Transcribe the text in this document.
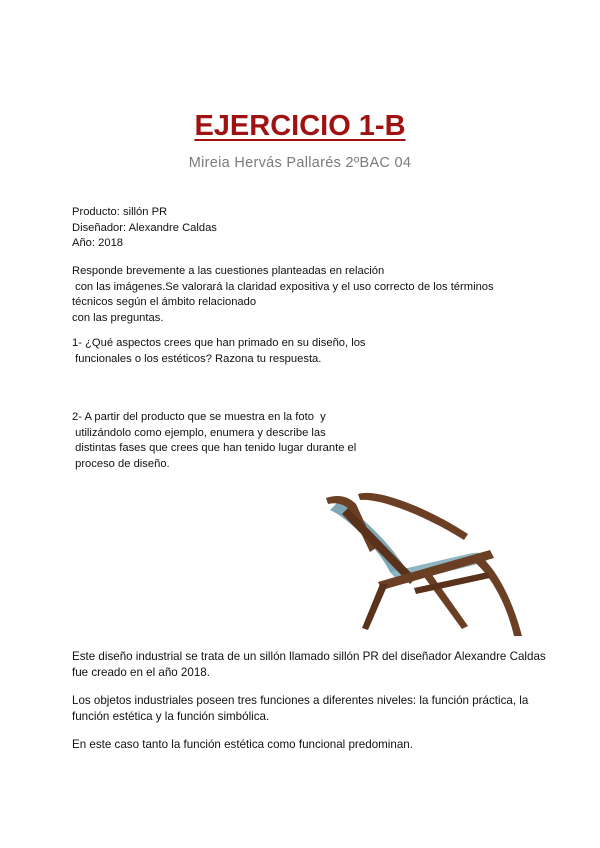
EJERCICIO 1-B
Mireia Hervás Pallarés 2ºBAC 04
Producto: sillón PR
Diseñador: Alexandre Caldas
Año: 2018
Responde brevemente a las cuestiones planteadas en relación
con las imágenes.Se valorará la claridad expositiva y el uso correcto de los términos
técnicos según el ámbito relacionado
con las preguntas.
1- ¿Qué aspectos crees que han primado en su diseño, los
funcionales o los estéticos? Razona tu respuesta.
2- A partir del producto que se muestra en la foto  y
utilizándolo como ejemplo, enumera y describe las
distintas fases que crees que han tenido lugar durante el
proceso de diseño.
Este diseño industrial se trata de un sillón llamado sillón PR del diseñador Alexandre Caldas
fue creado en el año 2018.
Los objetos industriales poseen tres funciones a diferentes niveles: la función práctica, la
función estética y la función simbólica.
En este caso tanto la función estética como funcional predominan.
